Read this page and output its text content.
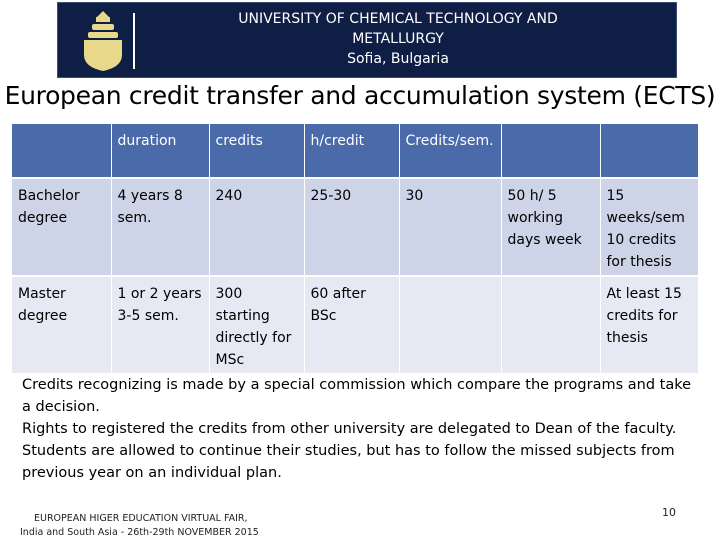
UNIVERSITY OF CHEMICAL TECHNOLOGY AND
METALLURGY
Sofia, Bulgaria
European credit transfer and accumulation system (ECTS)
	duration	credits	h/credit	Credits/sem.		
Bachelor degree	4 years 8 sem.	240	25-30	30	50 h/ 5 working days week	15 weeks/sem 10 credits for thesis
Master degree	1 or 2 years 3-5 sem.	300 starting directly for MSc	60 after BSc			At least 15 credits for thesis

Credits recognizing is made by a special commission which compare the programs and take a decision.

Rights to registered the credits from other university are delegated to Dean of the faculty. Students are allowed to continue their studies, but has to follow the missed subjects from previous year on an individual plan.

EUROPEAN HIGER EDUCATION VIRTUAL FAIR,
India and South Asia - 26th-29th NOVEMBER 2015
10
